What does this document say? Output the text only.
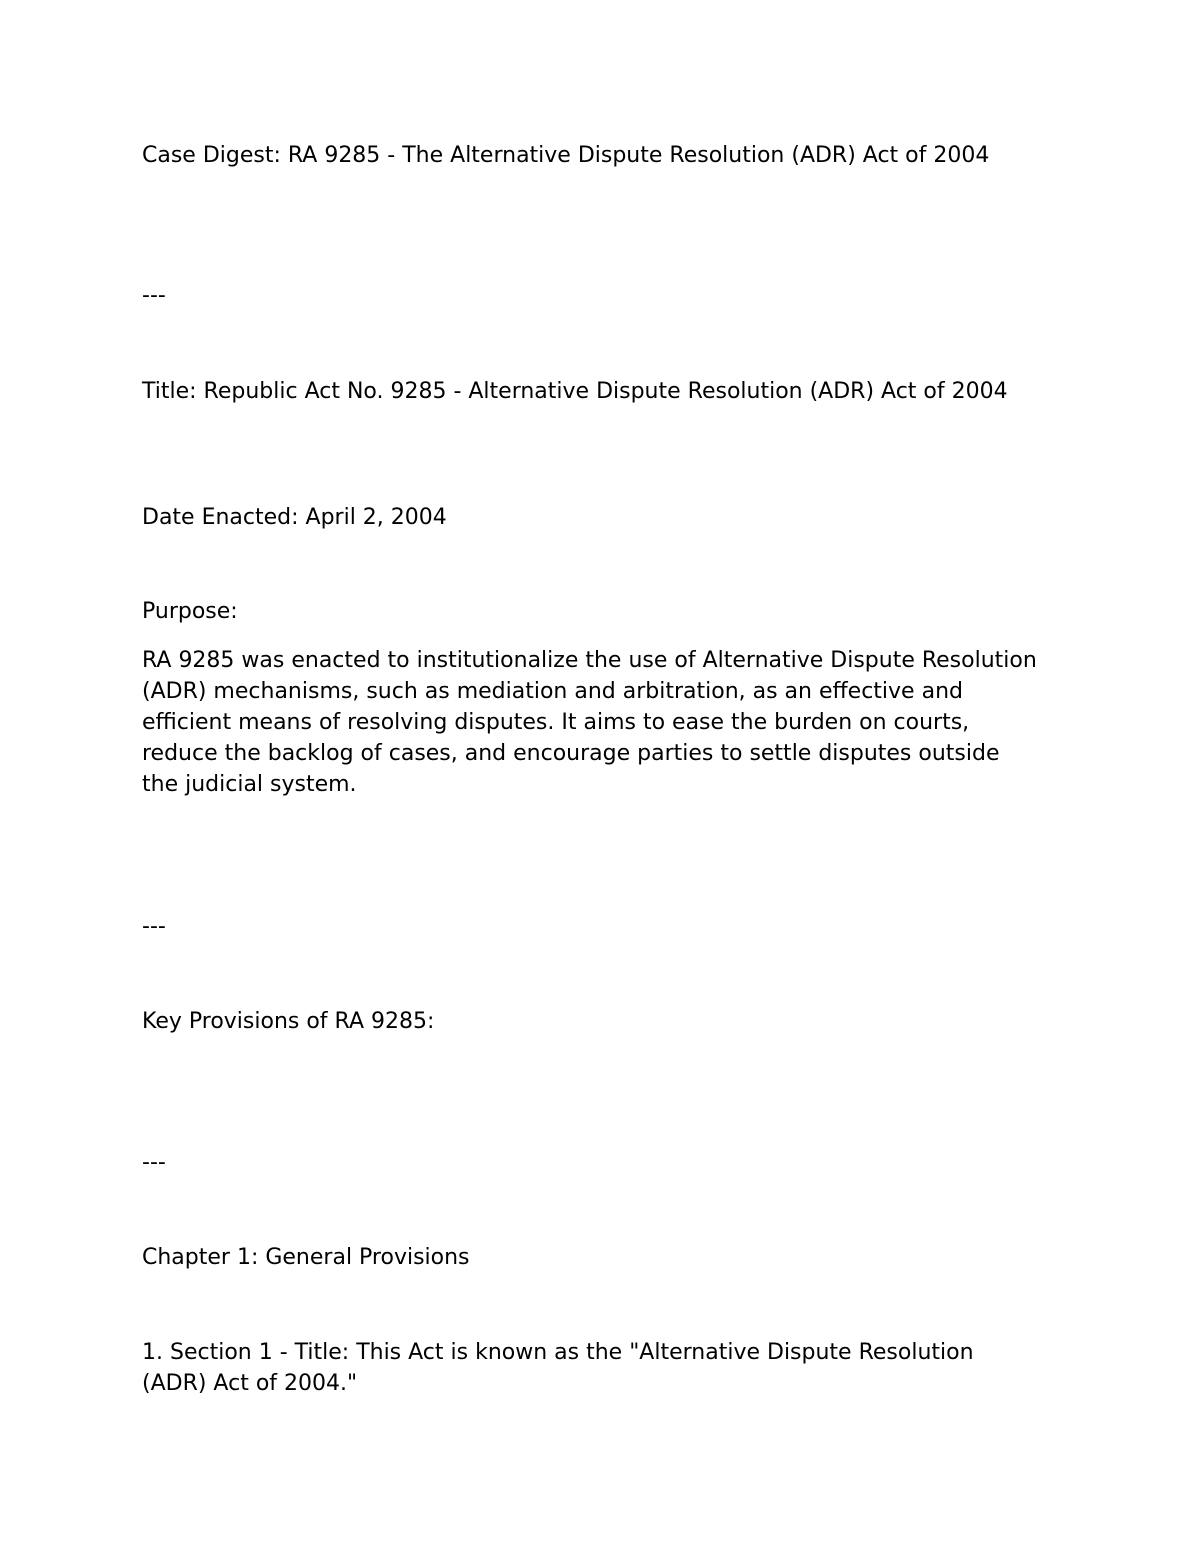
Case Digest: RA 9285 - The Alternative Dispute Resolution (ADR) Act of 2004

---

Title: Republic Act No. 9285 - Alternative Dispute Resolution (ADR) Act of 2004

Date Enacted: April 2, 2004

Purpose:

RA 9285 was enacted to institutionalize the use of Alternative Dispute Resolution (ADR) mechanisms, such as mediation and arbitration, as an effective and efficient means of resolving disputes. It aims to ease the burden on courts, reduce the backlog of cases, and encourage parties to settle disputes outside the judicial system.

---

Key Provisions of RA 9285:

---

Chapter 1: General Provisions

1. Section 1 - Title: This Act is known as the "Alternative Dispute Resolution (ADR) Act of 2004."
